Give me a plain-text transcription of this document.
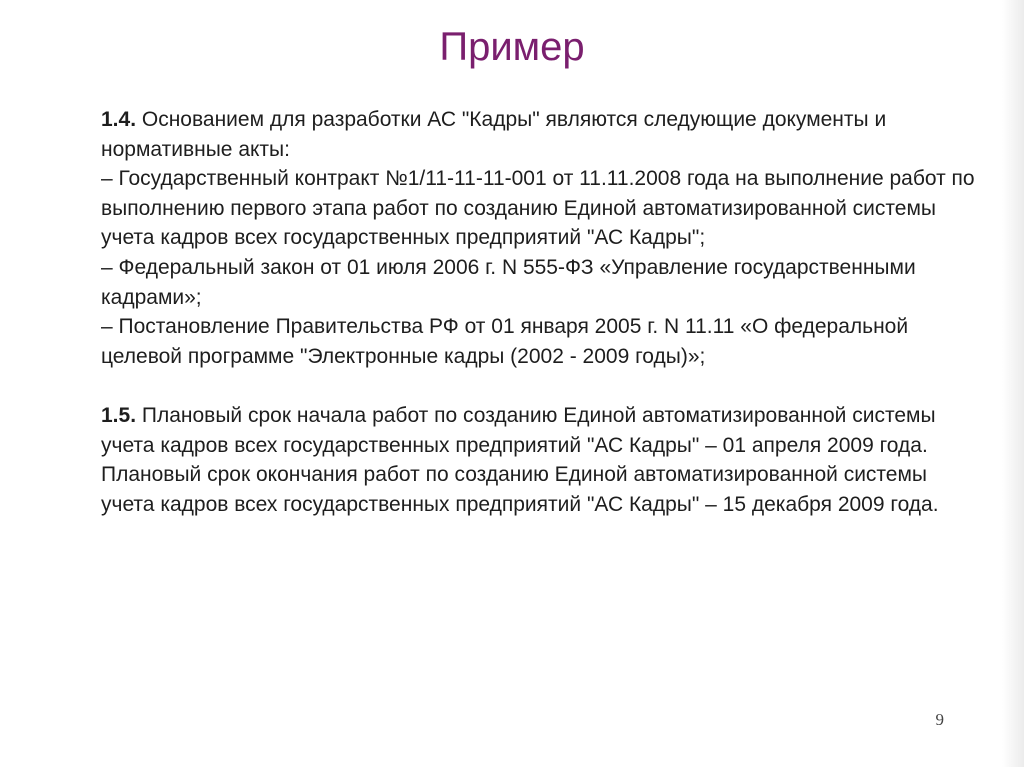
Пример

1.4. Основанием для разработки АС "Кадры" являются следующие документы и нормативные акты:

– Государственный контракт №1/11-11-11-001 от 11.11.2008 года на выполнение работ по выполнению первого этапа работ по созданию Единой автоматизированной системы учета кадров всех государственных предприятий "АС Кадры";

– Федеральный закон от 01 июля 2006 г. N 555-ФЗ «Управление государственными кадрами»;

– Постановление Правительства РФ от 01 января 2005 г. N 11.11 «О федеральной целевой программе "Электронные кадры (2002 - 2009 годы)»;

1.5. Плановый срок начала работ по созданию Единой автоматизированной системы учета кадров всех государственных предприятий "АС Кадры" – 01 апреля 2009 года.

Плановый срок окончания работ по созданию Единой автоматизированной системы учета кадров всех государственных предприятий "АС Кадры" – 15 декабря 2009 года.

9
